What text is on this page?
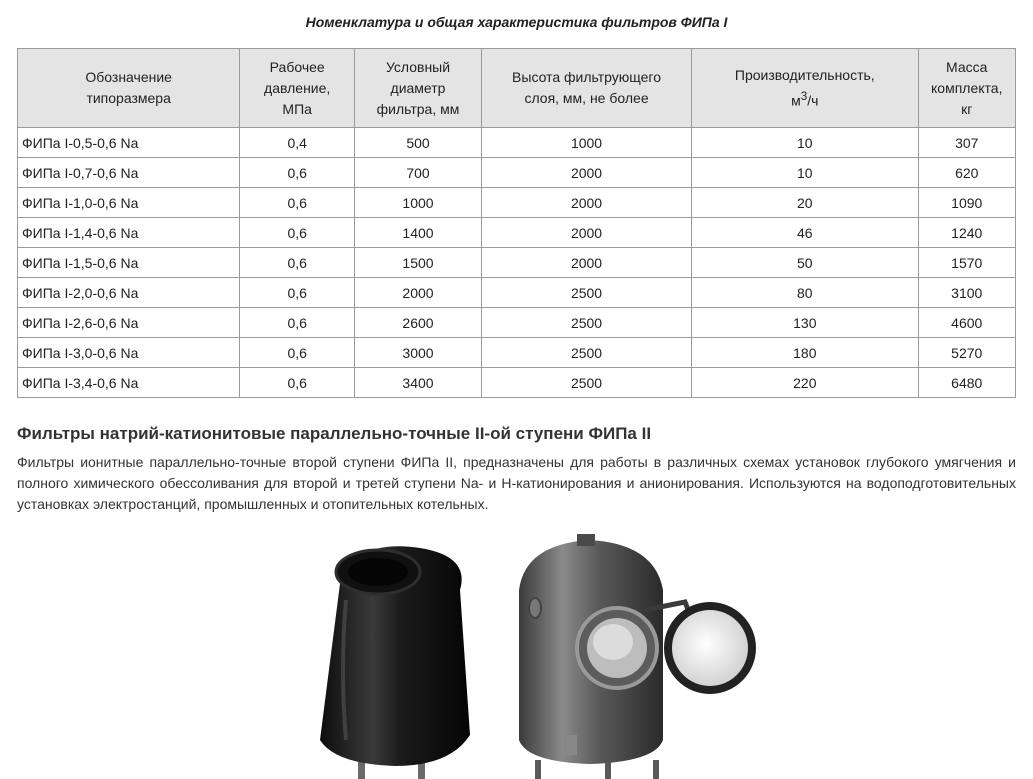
Номенклатура и общая характеристика фильтров ФИПа I
Обозначение
типоразмера	Рабочее
давление,
МПа	Условный
диаметр
фильтра, мм	Высота фильтрующего
слоя, мм, не более	Производительность,
$м^3/ч$	Масса
комплекта,
кг
ФИПа I-0,5-0,6 Na	0,4	500	1000	10	307
ФИПа I-0,7-0,6 Na	0,6	700	2000	10	620
ФИПа I-1,0-0,6 Na	0,6	1000	2000	20	1090
ФИПа I-1,4-0,6 Na	0,6	1400	2000	46	1240
ФИПа I-1,5-0,6 Na	0,6	1500	2000	50	1570
ФИПа I-2,0-0,6 Na	0,6	2000	2500	80	3100
ФИПа I-2,6-0,6 Na	0,6	2600	2500	130	4600
ФИПа I-3,0-0,6 Na	0,6	3000	2500	180	5270
ФИПа I-3,4-0,6 Na	0,6	3400	2500	220	6480
Фильтры натрий-катионитовые параллельно-точные II-ой ступени ФИПа II

Фильтры ионитные параллельно-точные второй ступени ФИПа II, предназначены для работы в различных схемах установок глубокого умягчения и полного химического обессоливания для второй и третей ступени Na- и H-катионирования и анионирования. Используются на водоподготовительных установках электростанций, промышленных и отопительных котельных.
